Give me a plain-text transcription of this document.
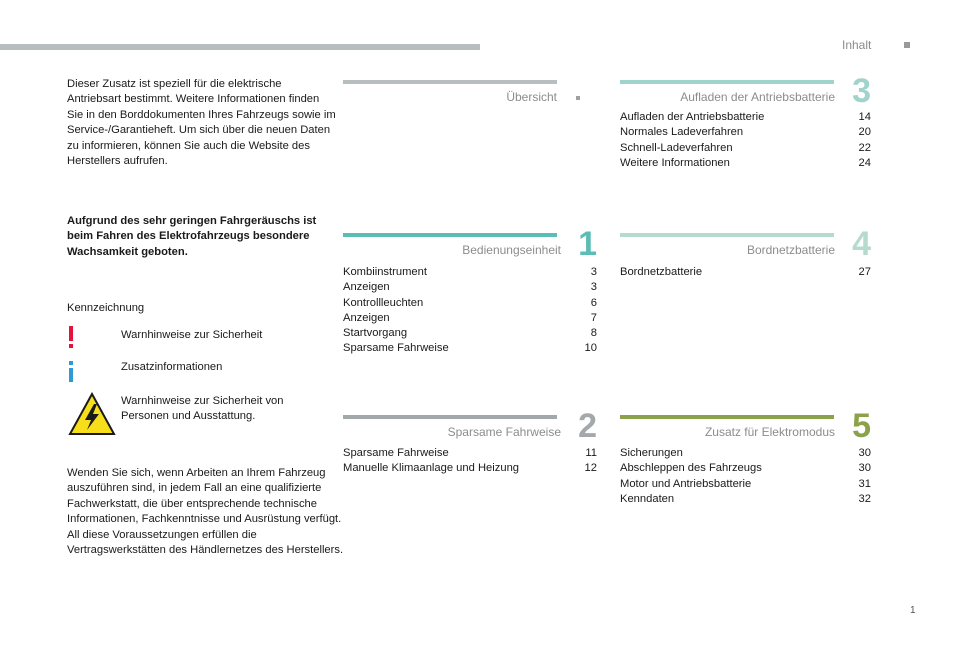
Inhalt
Dieser Zusatz ist speziell für die elektrische Antriebsart bestimmt. Weitere Informationen finden Sie in den Borddokumenten Ihres Fahrzeugs sowie im Service-/Garantieheft. Um sich über die neuen Daten zu informieren, können Sie auch die Website des Herstellers aufrufen.
Aufgrund des sehr geringen Fahrgeräuschs ist beim Fahren des Elektrofahrzeugs besondere Wachsamkeit geboten.
Kennzeichnung
Warnhinweise zur Sicherheit
Zusatzinformationen
Warnhinweise zur Sicherheit von Personen und Ausstattung.
Wenden Sie sich, wenn Arbeiten an Ihrem Fahrzeug auszuführen sind, in jedem Fall an eine qualifizierte Fachwerkstatt, die über entsprechende technische Informationen, Fachkenntnisse und Ausrüstung verfügt. All diese Voraussetzungen erfüllen die Vertragswerkstätten des Händlernetzes des Herstellers.
Übersicht
Bedienungseinheit 1
Kombiinstrument	3
Anzeigen	3
Kontrollleuchten	6
Anzeigen	7
Startvorgang	8
Sparsame Fahrweise	10
Sparsame Fahrweise 2
Sparsame Fahrweise	11
Manuelle Klimaanlage und Heizung	12
Aufladen der Antriebsbatterie 3
Aufladen der Antriebsbatterie	14
Normales Ladeverfahren	20
Schnell-Ladeverfahren	22
Weitere Informationen	24
Bordnetzbatterie 4
Bordnetzbatterie	27
Zusatz für Elektromodus 5
Sicherungen	30
Abschleppen des Fahrzeugs	30
Motor und Antriebsbatterie	31
Kenndaten	32
1
